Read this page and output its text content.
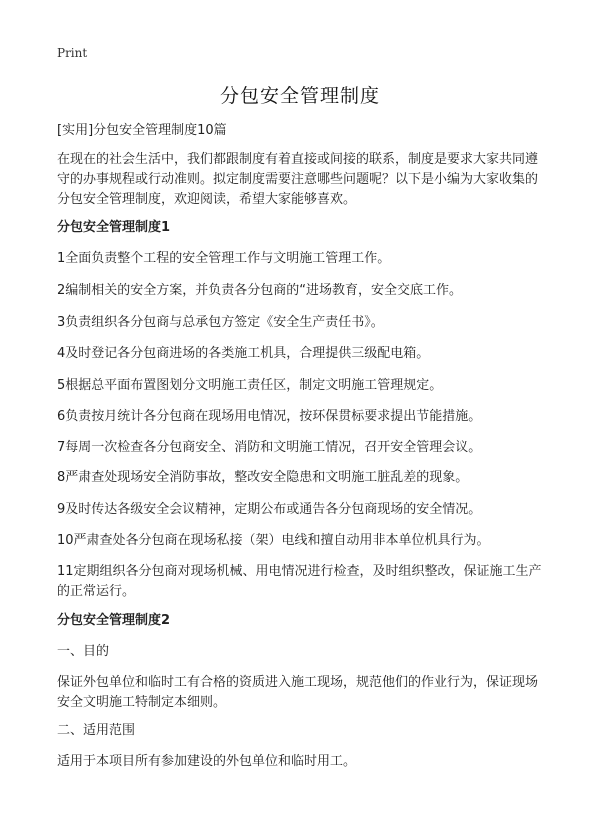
Print
分包安全管理制度

[实用]分包安全管理制度10篇

在现在的社会生活中，我们都跟制度有着直接或间接的联系，制度是要求大家共同遵守的办事规程或行动准则。拟定制度需要注意哪些问题呢？以下是小编为大家收集的分包安全管理制度，欢迎阅读，希望大家能够喜欢。

分包安全管理制度1

1全面负责整个工程的安全管理工作与文明施工管理工作。

2编制相关的安全方案，并负责各分包商的“进场教育，安全交底工作。

3负责组织各分包商与总承包方签定《安全生产责任书》。

4及时登记各分包商进场的各类施工机具，合理提供三级配电箱。

5根据总平面布置图划分文明施工责任区，制定文明施工管理规定。

6负责按月统计各分包商在现场用电情况，按环保贯标要求提出节能措施。

7每周一次检查各分包商安全、消防和文明施工情况，召开安全管理会议。

8严肃查处现场安全消防事故，整改安全隐患和文明施工脏乱差的现象。

9及时传达各级安全会议精神，定期公布或通告各分包商现场的安全情况。

10严肃查处各分包商在现场私接（架）电线和擅自动用非本单位机具行为。

11定期组织各分包商对现场机械、用电情况进行检查，及时组织整改，保证施工生产的正常运行。

分包安全管理制度2

一、目的

保证外包单位和临时工有合格的资质进入施工现场，规范他们的作业行为，保证现场安全文明施工特制定本细则。

二、适用范围

适用于本项目所有参加建设的外包单位和临时用工。
